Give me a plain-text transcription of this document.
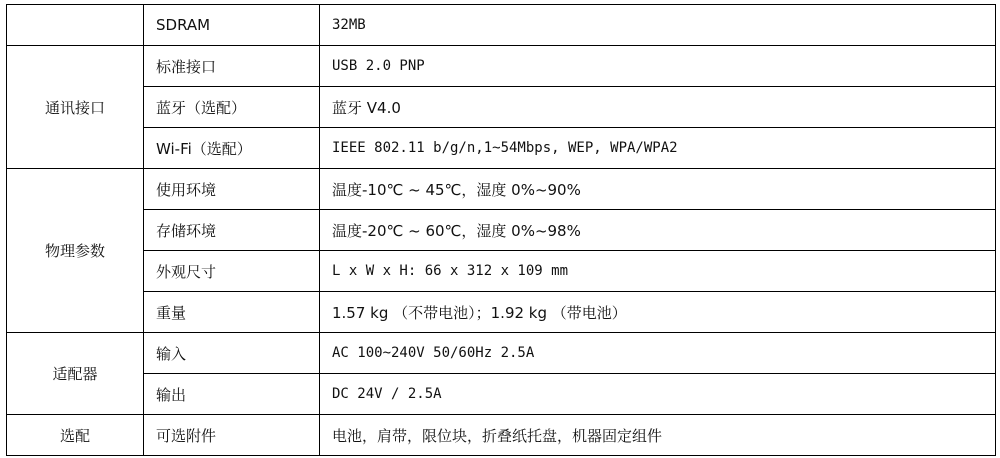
	SDRAM	32MB
通讯接口	标准接口	USB 2.0 PNP
	蓝牙（选配）	蓝牙 V4.0
	Wi-Fi（选配）	IEEE 802.11 b/g/n,1~54Mbps, WEP, WPA/WPA2
物理参数	使用环境	温度-10℃ ~ 45℃，湿度 0%~90%
	存储环境	温度-20℃ ~ 60℃，湿度 0%~98%
	外观尺寸	L x W x H: 66 x 312 x 109 mm
	重量	1.57 kg （不带电池）；1.92 kg （带电池）
适配器	输入	AC 100~240V 50/60Hz 2.5A
	输出	DC 24V / 2.5A
选配	可选附件	电池，肩带，限位块，折叠纸托盘，机器固定组件
